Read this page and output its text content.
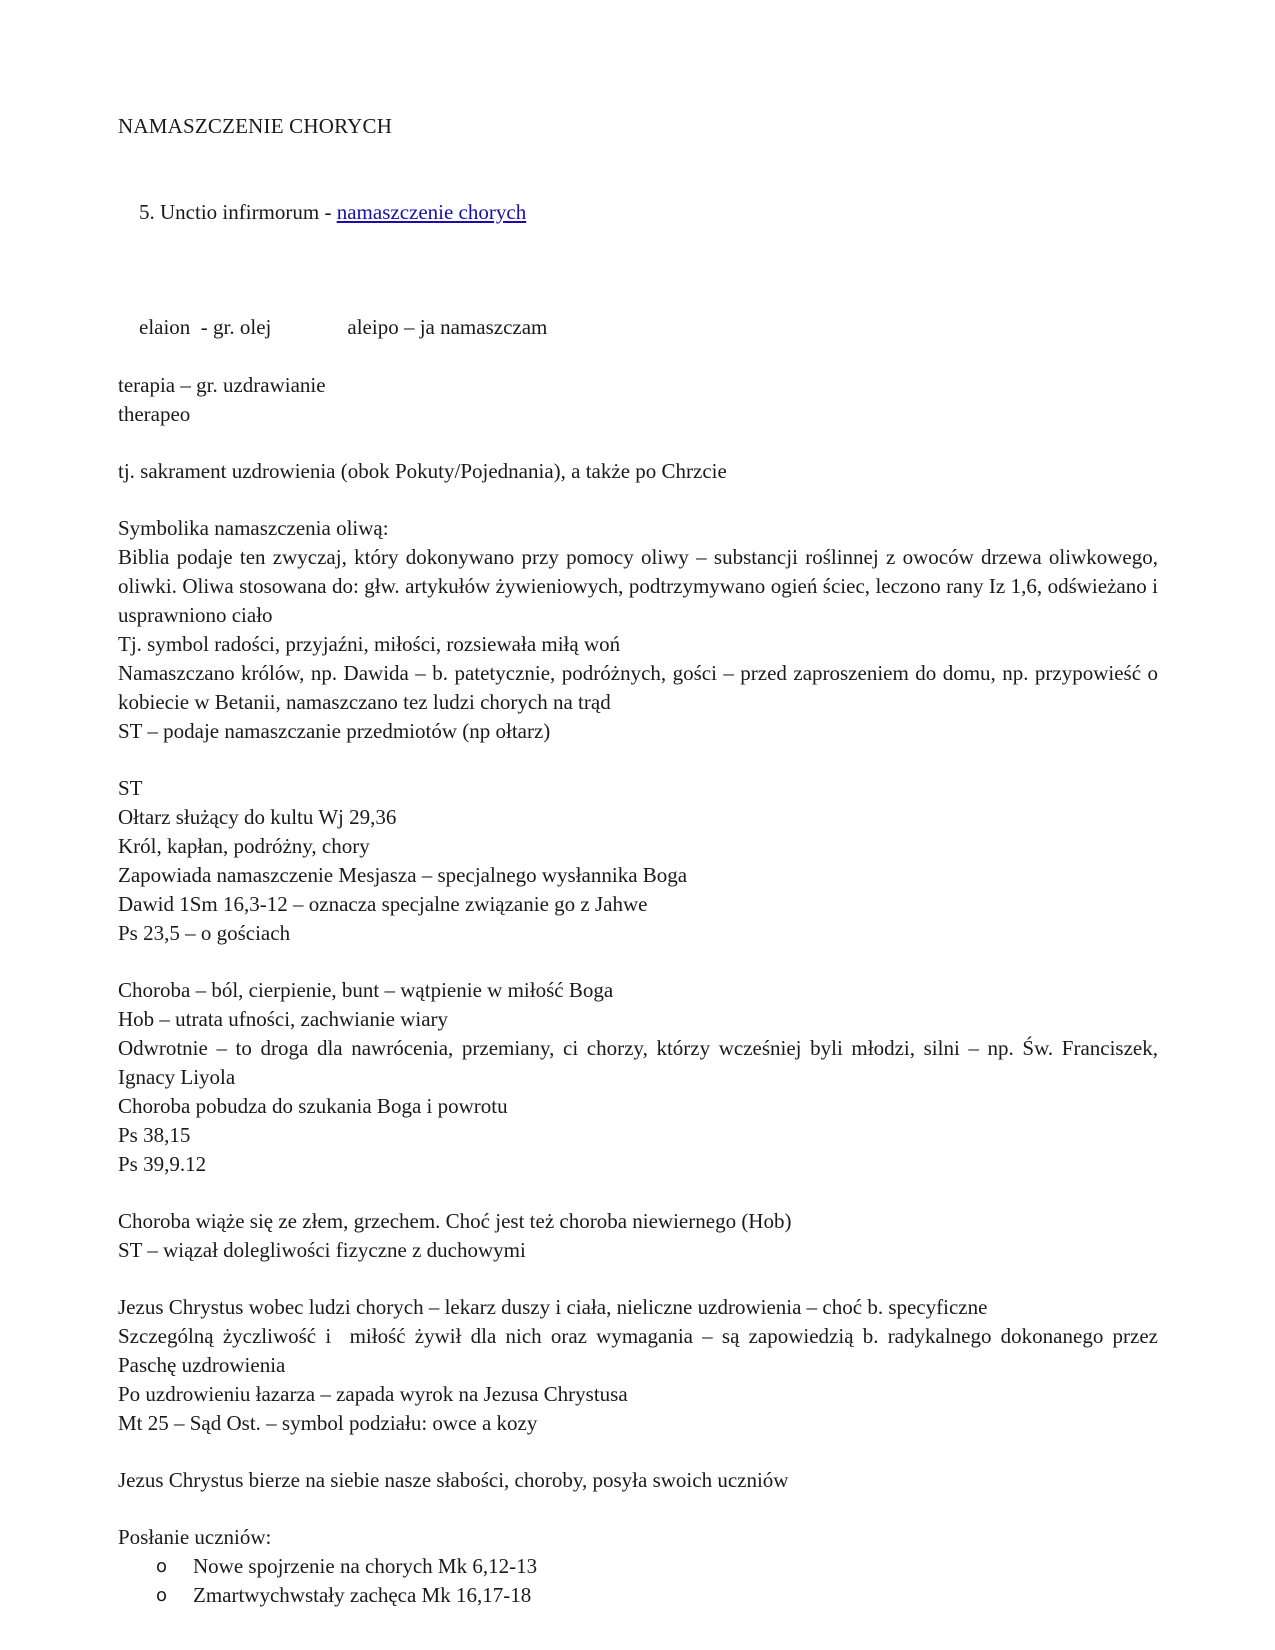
NAMASZCZENIE CHORYCH

5. Unctio infirmorum - namaszczenie chorych

elaion  - gr. olej	aleipo – ja namaszczam

terapia – gr. uzdrawianie
therapeo
tj. sakrament uzdrowienia (obok Pokuty/Pojednania), a także po Chrzcie
Symbolika namaszczenia oliwą:
Biblia podaje ten zwyczaj, który dokonywano przy pomocy oliwy – substancji roślinnej z owoców drzewa oliwkowego, oliwki. Oliwa stosowana do: głw. artykułów żywieniowych, podtrzymywano ogień ściec, leczono rany Iz 1,6, odświeżano i usprawniono ciało
Tj. symbol radości, przyjaźni, miłości, rozsiewała miłą woń
Namaszczano królów, np. Dawida – b. patetycznie, podróżnych, gości – przed zaproszeniem do domu, np. przypowieść o kobiecie w Betanii, namaszczano tez ludzi chorych na trąd
ST – podaje namaszczanie przedmiotów (np ołtarz)
ST
Ołtarz służący do kultu Wj 29,36
Król, kapłan, podróżny, chory
Zapowiada namaszczenie Mesjasza – specjalnego wysłannika Boga
Dawid 1Sm 16,3-12 – oznacza specjalne związanie go z Jahwe
Ps 23,5 – o gościach
Choroba – ból, cierpienie, bunt – wątpienie w miłość Boga
Hob – utrata ufności, zachwianie wiary
Odwrotnie – to droga dla nawrócenia, przemiany, ci chorzy, którzy wcześniej byli młodzi, silni – np. Św. Franciszek, Ignacy Liyola
Choroba pobudza do szukania Boga i powrotu
Ps 38,15
Ps 39,9.12
Choroba wiąże się ze złem, grzechem. Choć jest też choroba niewiernego (Hob)
ST – wiązał dolegliwości fizyczne z duchowymi
Jezus Chrystus wobec ludzi chorych – lekarz duszy i ciała, nieliczne uzdrowienia – choć b. specyficzne
Szczególną życzliwość i  miłość żywił dla nich oraz wymagania – są zapowiedzią b. radykalnego dokonanego przez Paschę uzdrowienia
Po uzdrowieniu łazarza – zapada wyrok na Jezusa Chrystusa
Mt 25 – Sąd Ost. – symbol podziału: owce a kozy
Jezus Chrystus bierze na siebie nasze słabości, choroby, posyła swoich uczniów
Posłanie uczniów:
o Nowe spojrzenie na chorych Mk 6,12-13
o Zmartwychwstały zachęca Mk 16,17-18
